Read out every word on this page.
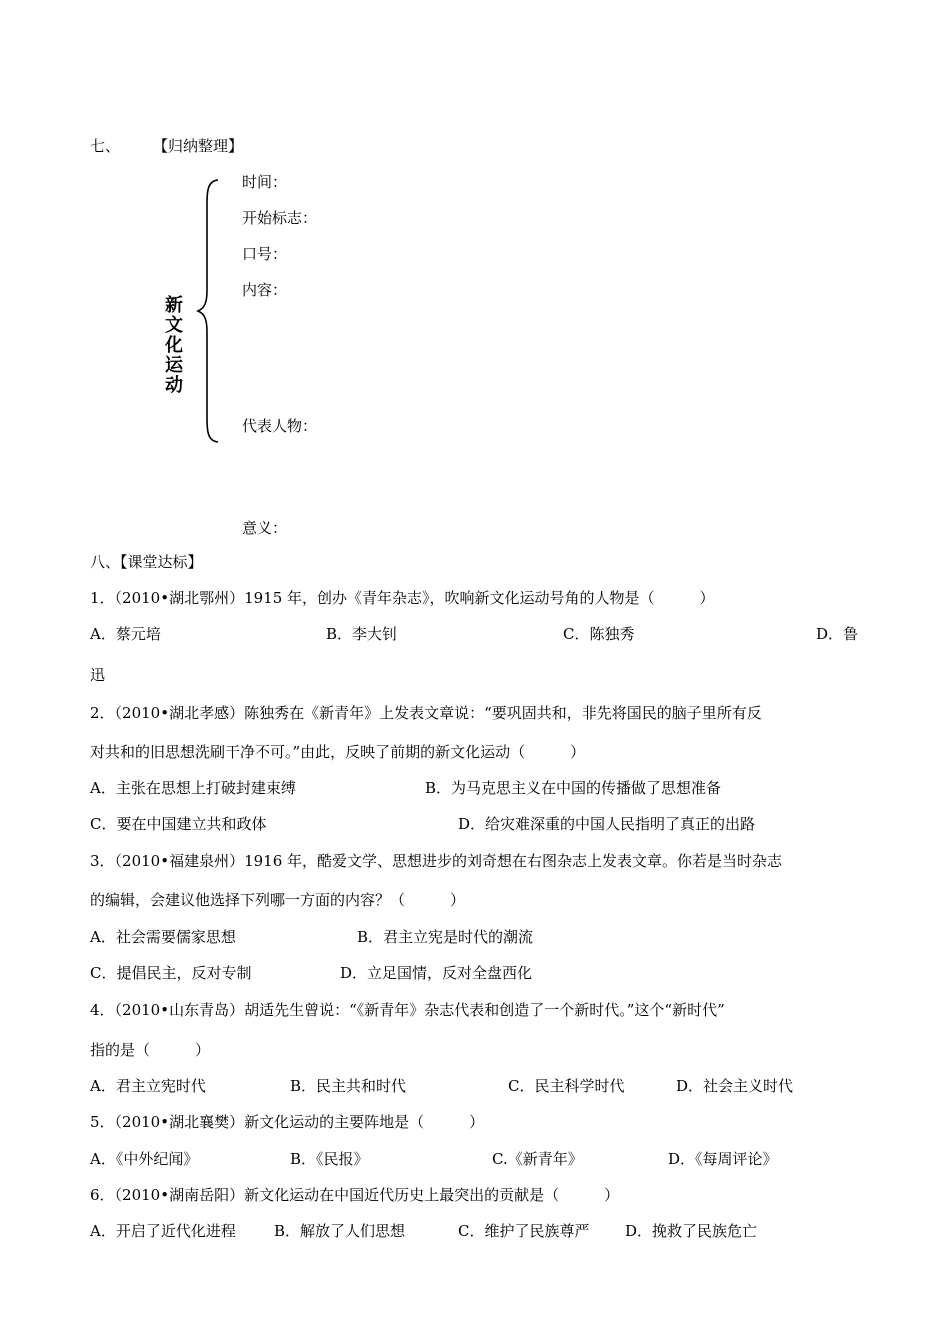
七、 【归纳整理】
新文化运动
时间：
开始标志：
口号：
内容：
代表人物：
意义：
八、【课堂达标】
1．（2010•湖北鄂州）1915 年，创办《青年杂志》，吹响新文化运动号角的人物是（　　　）
A．蔡元培	B．李大钊	C．陈独秀	D．鲁
迅
2．（2010•湖北孝感）陈独秀在《新青年》上发表文章说：“要巩固共和，非先将国民的脑子里所有反
对共和的旧思想洗刷干净不可。”由此，反映了前期的新文化运动（　　　）
A．主张在思想上打破封建束缚	B．为马克思主义在中国的传播做了思想准备
C．要在中国建立共和政体	D．给灾难深重的中国人民指明了真正的出路
3．（2010•福建泉州）1916 年，酷爱文学、思想进步的刘奇想在右图杂志上发表文章。你若是当时杂志
的编辑，会建议他选择下列哪一方面的内容？（　　　）
A．社会需要儒家思想	B．君主立宪是时代的潮流
C．提倡民主，反对专制	D．立足国情，反对全盘西化
4．（2010•山东青岛）胡适先生曾说：“《新青年》杂志代表和创造了一个新时代。”这个“新时代”
指的是（　　　）
A．君主立宪时代	B．民主共和时代	C．民主科学时代	D．社会主义时代
5．（2010•湖北襄樊）新文化运动的主要阵地是（　　　）
A．《中外纪闻》	B．《民报》	C.《新青年》	D．《每周评论》
6．（2010•湖南岳阳）新文化运动在中国近代历史上最突出的贡献是（　　　）
A．开启了近代化进程	B．解放了人们思想	C．维护了民族尊严 D．挽救了民族危亡
